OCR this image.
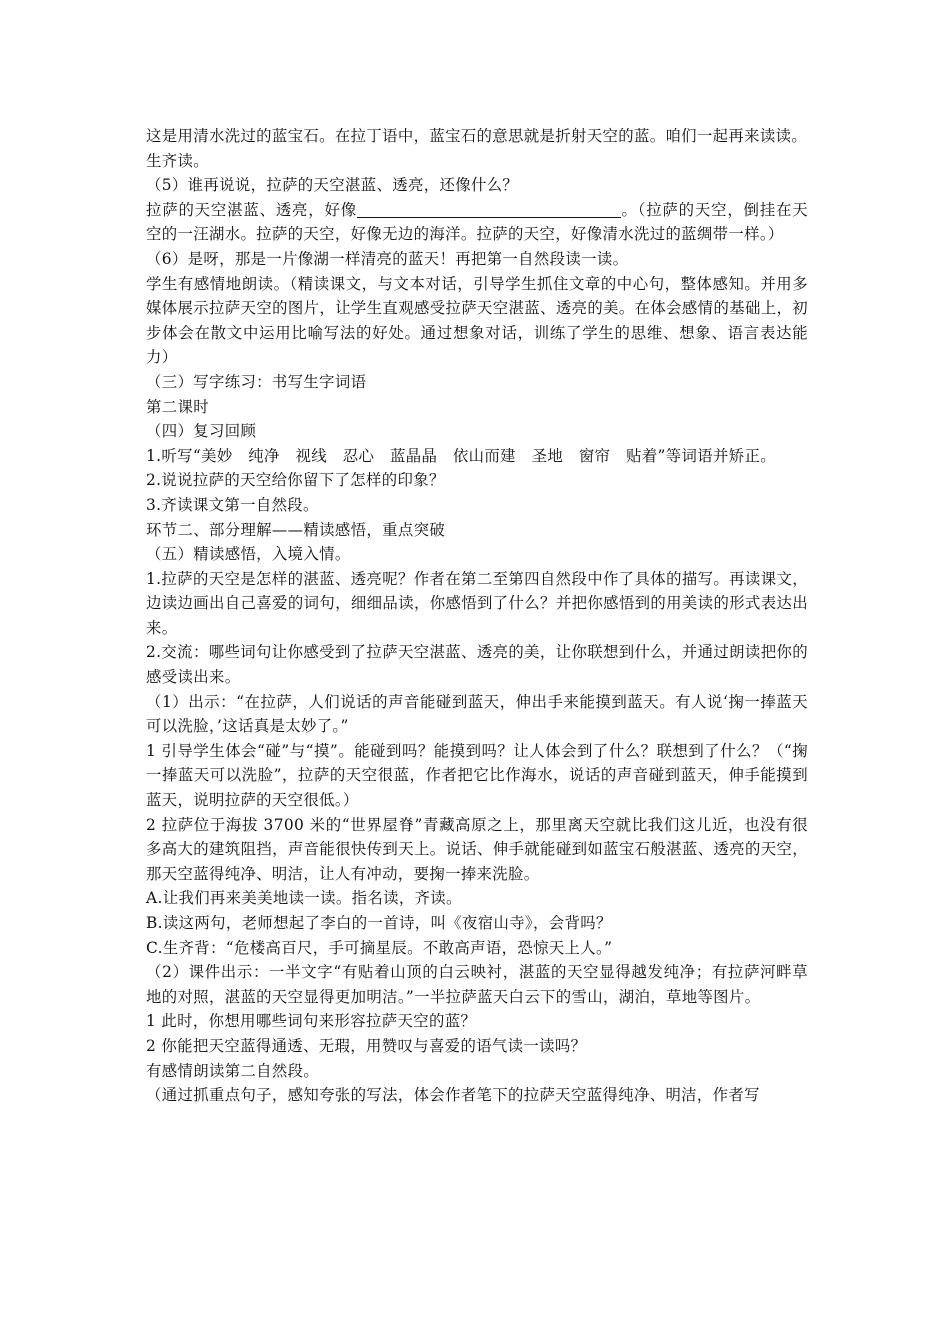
这是用清水洗过的蓝宝石。在拉丁语中，蓝宝石的意思就是折射天空的蓝。咱们一起再来读读。

生齐读。

（5）谁再说说，拉萨的天空湛蓝、透亮，还像什么？

拉萨的天空湛蓝、透亮，好像	。（拉萨的天空，倒挂在天空的一汪湖水。拉萨的天空，好像无边的海洋。拉萨的天空，好像清水洗过的蓝绸带一样。）

（6）是呀，那是一片像湖一样清亮的蓝天！再把第一自然段读一读。

学生有感情地朗读。（精读课文，与文本对话，引导学生抓住文章的中心句，整体感知。并用多媒体展示拉萨天空的图片，让学生直观感受拉萨天空湛蓝、透亮的美。在体会感情的基础上，初步体会在散文中运用比喻写法的好处。通过想象对话，训练了学生的思维、想象、语言表达能力）

（三）写字练习：书写生字词语

第二课时

（四）复习回顾

1.听写“美妙　纯净　视线　忍心　蓝晶晶　依山而建　圣地　窗帘　贴着”等词语并矫正。

2.说说拉萨的天空给你留下了怎样的印象？

3.齐读课文第一自然段。

环节二、部分理解——精读感悟，重点突破

（五）精读感悟，入境入情。

1.拉萨的天空是怎样的湛蓝、透亮呢？作者在第二至第四自然段中作了具体的描写。再读课文，边读边画出自己喜爱的词句，细细品读，你感悟到了什么？并把你感悟到的用美读的形式表达出来。

2.交流：哪些词句让你感受到了拉萨天空湛蓝、透亮的美，让你联想到什么，并通过朗读把你的感受读出来。

（1）出示：“在拉萨，人们说话的声音能碰到蓝天，伸出手来能摸到蓝天。有人说‘掬一捧蓝天可以洗脸，’这话真是太妙了。”

1 引导学生体会“碰”与“摸”。能碰到吗？能摸到吗？让人体会到了什么？联想到了什么？（“掬一捧蓝天可以洗脸”，拉萨的天空很蓝，作者把它比作海水，说话的声音碰到蓝天，伸手能摸到蓝天，说明拉萨的天空很低。）

2 拉萨位于海拔 3700 米的“世界屋脊”青藏高原之上，那里离天空就比我们这儿近，也没有很多高大的建筑阻挡，声音能很快传到天上。说话、伸手就能碰到如蓝宝石般湛蓝、透亮的天空，那天空蓝得纯净、明洁，让人有冲动，要掬一捧来洗脸。

A.让我们再来美美地读一读。指名读，齐读。

B.读这两句，老师想起了李白的一首诗，叫《夜宿山寺》，会背吗？

C.生齐背：“危楼高百尺，手可摘星辰。不敢高声语，恐惊天上人。”

（2）课件出示：一半文字“有贴着山顶的白云映衬，湛蓝的天空显得越发纯净；有拉萨河畔草地的对照，湛蓝的天空显得更加明洁。”一半拉萨蓝天白云下的雪山，湖泊，草地等图片。

1 此时，你想用哪些词句来形容拉萨天空的蓝？

2 你能把天空蓝得通透、无瑕，用赞叹与喜爱的语气读一读吗？

有感情朗读第二自然段。

（通过抓重点句子，感知夸张的写法，体会作者笔下的拉萨天空蓝得纯净、明洁，作者写
